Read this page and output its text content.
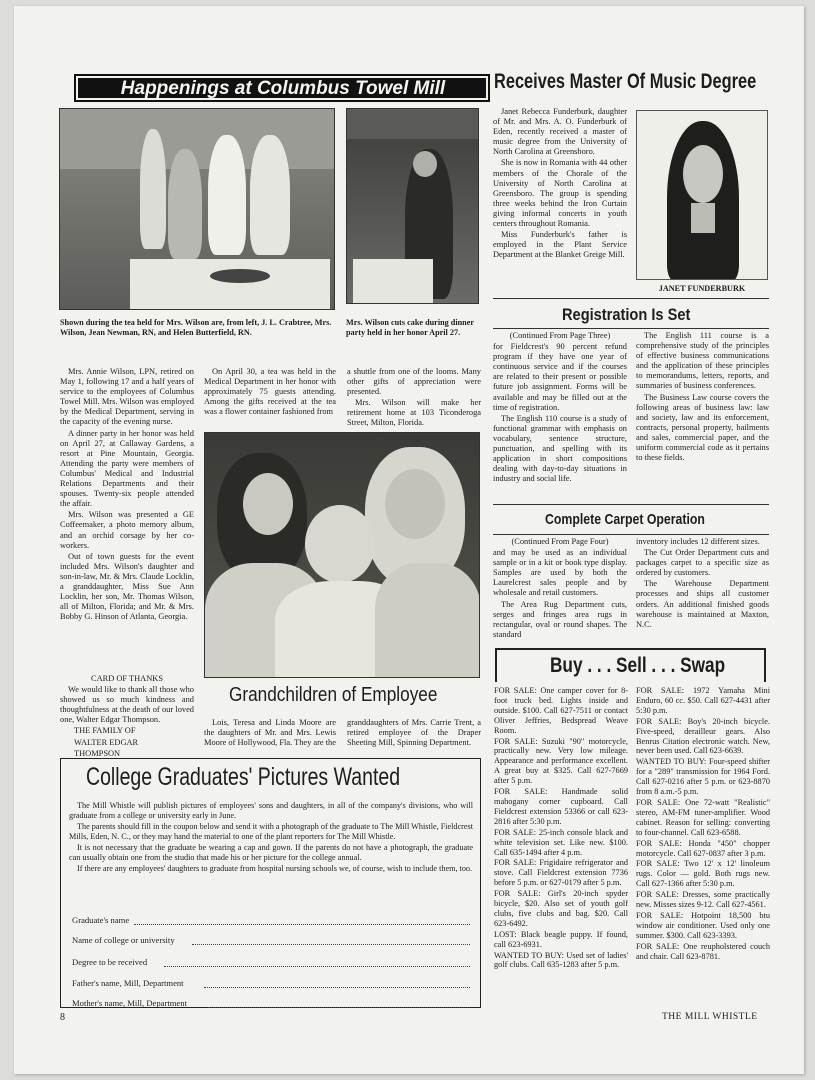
Happenings at Columbus Towel Mill
Shown during the tea held for Mrs. Wilson are, from left, J. L. Crabtree, Mrs. Wilson, Jean Newman, RN, and Helen Butterfield, RN.
Mrs. Wilson cuts cake during dinner party held in her honor April 27.

Mrs. Annie Wilson, LPN, retired on May 1, following 17 and a half years of service to the employees of Columbus Towel Mill. Mrs. Wilson was employed by the Medical Department, serving in the capacity of the evening nurse.

A dinner party in her honor was held on April 27, at Callaway Gardens, a resort at Pine Mountain, Georgia. Attending the party were members of Columbus' Medical and Industrial Relations Departments and their spouses. Twenty-six people attended the affair.

Mrs. Wilson was presented a GE Coffeemaker, a photo memory album, and an orchid corsage by her co-workers.

Out of town guests for the event included Mrs. Wilson's daughter and son-in-law, Mr. & Mrs. Claude Locklin, a granddaughter, Miss Sue Ann Locklin, her son, Mr. Thomas Wilson, all of Milton, Florida; and Mr. & Mrs. Bobby G. Hinson of Atlanta, Georgia.

CARD OF THANKS

We would like to thank all those who showed us so much kindness and thoughtfulness at the death of our loved one, Walter Edgar Thompson.

THE FAMILY OF

WALTER EDGAR

THOMPSON

On April 30, a tea was held in the Medical Department in her honor with approximately 75 guests attending. Among the gifts received at the tea was a flower container fashioned from

a shuttle from one of the looms. Many other gifts of appreciation were presented.

Mrs. Wilson will make her retirement home at 103 Ticonderoga Street, Milton, Florida.

Grandchildren of Employee

Lois, Teresa and Linda Moore are the daughters of Mr. and Mrs. Lewis Moore of Hollywood, Fla. They are the

granddaughters of Mrs. Carrie Trent, a retired employee of the Draper Sheeting Mill, Spinning Department.

College Graduates' Pictures Wanted

The Mill Whistle will publish pictures of employees' sons and daughters, in all of the company's divisions, who will graduate from a college or university early in June.

The parents should fill in the coupon below and send it with a photograph of the graduate to The Mill Whistle, Fieldcrest Mills, Eden, N. C., or they may hand the material to one of the plant reporters for The Mill Whistle.

It is not necessary that the graduate be wearing a cap and gown. If the parents do not have a photograph, the graduate can usually obtain one from the studio that made his or her picture for the college annual.

If there are any employees' daughters to graduate from hospital nursing schools we, of course, wish to include them, too.

Graduate's name
Name of college or university
Degree to be received
Father's name, Mill, Department
Mother's name, Mill, Department
Receives Master Of Music Degree

Janet Rebecca Funderburk, daughter of Mr. and Mrs. A. O. Funderburk of Eden, recently received a master of music degree from the University of North Carolina at Greensboro.

She is now in Romania with 44 other members of the Chorale of the University of North Carolina at Greensboro. The group is spending three weeks behind the Iron Curtain giving informal concerts in youth centers throughout Romania.

Miss Funderburk's father is employed in the Plant Service Department at the Blanket Greige Mill.

JANET FUNDERBURK
Registration Is Set

(Continued From Page Three)

for Fieldcrest's 90 percent refund program if they have one year of continuous service and if the courses are related to their present or possible future job assignment. Forms will be available and may be filled out at the time of registration.

The English 110 course is a study of functional grammar with emphasis on vocabulary, sentence structure, punctuation, and spelling with its application in short compositions dealing with day-to-day situations in industry and social life.

The English 111 course is a comprehensive study of the principles of effective business communications and the application of these principles to memorandums, letters, reports, and summaries of business conferences.

The Business Law course covers the following areas of business law: law and society, law and its enforcement, contracts, personal property, bailments and sales, commercial paper, and the uniform commercial code as it pertains to these fields.

Complete Carpet Operation

(Continued From Page Four)

and may be used as an individual sample or in a kit or book type display. Samples are used by both the Laurelcrest sales people and by wholesale and retail customers.

The Area Rug Department cuts, serges and fringes area rugs in rectangular, oval or round shapes. The standard

inventory includes 12 different sizes.

The Cut Order Department cuts and packages carpet to a specific size as ordered by customers.

The Warehouse Department processes and ships all customer orders. An additional finished goods warehouse is maintained at Maxton, N.C.

Buy . . . Sell . . . Swap

FOR SALE: One camper cover for 8-foot truck bed. Lights inside and outside. $100. Call 627-7511 or contact Oliver Jeffries, Bedspread Weave Room.

FOR SALE: Suzuki "90" motorcycle, practically new. Very low mileage. Appearance and performance excellent. A great buy at $325. Call 627-7669 after 5 p.m.

FOR SALE: Handmade solid mahogany corner cupboard. Call Fieldcrest extension 53366 or call 623-2816 after 5:30 p.m.

FOR SALE: 25-inch console black and white television set. Like new. $100. Call 635-1494 after 4 p.m.

FOR SALE: Frigidaire refrigerator and stove. Call Fieldcrest extension 7736 before 5 p.m. or 627-0179 after 5 p.m.

FOR SALE: Girl's 20-inch spyder bicycle, $20. Also set of youth golf clubs, five clubs and bag. $20. Call 623-6492.

LOST: Black beagle puppy. If found, call 623-6931.

WANTED TO BUY: Used set of ladies' golf clubs. Call 635-1283 after 5 p.m.

FOR SALE: 1972 Yamaha Mini Enduro, 60 cc. $50. Call 627-4431 after 5:30 p.m.

FOR SALE: Boy's 20-inch bicycle. Five-speed, derailleur gears. Also Benrus Citation electronic watch. New, never been used. Call 623-6639.

WANTED TO BUY: Four-speed shifter for a "289" transmission for 1964 Ford. Call 627-0216 after 5 p.m. or 623-8870 from 8 a.m.-5 p.m.

FOR SALE: One 72-watt "Realistic" stereo, AM-FM tuner-amplifier. Wood cabinet. Reason for selling: converting to four-channel. Call 623-6588.

FOR SALE: Honda "450" chopper motorcycle. Call 627-0837 after 3 p.m.

FOR SALE: Two 12' x 12' linoleum rugs. Color — gold. Both rugs new. Call 627-1366 after 5:30 p.m.

FOR SALE: Dresses, some practically new. Misses sizes 9-12. Call 627-4561.

FOR SALE: Hotpoint 18,500 btu window air conditioner. Used only one summer. $300. Call 623-3393.

FOR SALE: One reupholstered couch and chair. Call 623-8781.

8	THE MILL WHISTLE
